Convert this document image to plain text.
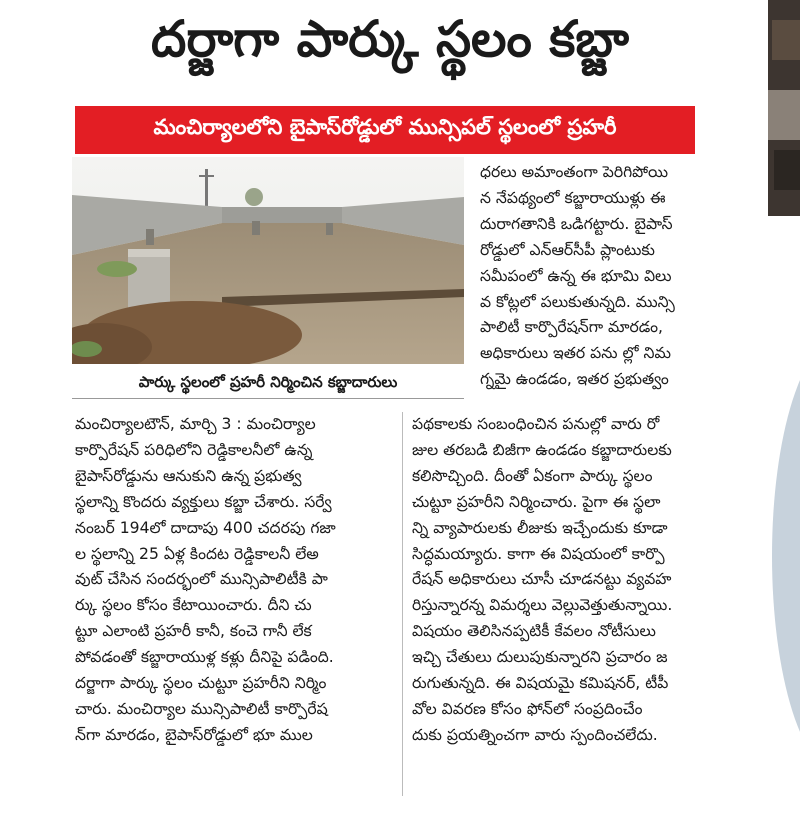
దర్జాగా పార్కు స్థలం కబ్జా
మంచిర్యాలలోని బైపాస్‌రోడ్డులో మున్సిపల్ స్థలంలో ప్రహరీ
పార్కు స్థలంలో ప్రహరీ నిర్మించిన కబ్జాదారులు

ధరలు అమాంతంగా పెరిగిపోయి

న నేపథ్యంలో కబ్జారాయుళ్లు ఈ

దురాగతానికి ఒడిగట్టారు. బైపాస్

రోడ్డులో ఎన్ఆర్‌సీపీ ప్లాంటుకు

సమీపంలో ఉన్న ఈ భూమి విలు

వ కోట్లలో పలుకుతున్నది. మున్సి

పాలిటీ కార్పొరేషన్‌గా మారడం,

అధికారులు ఇతర పను ల్లో నిమ

గ్నమై ఉండడం, ఇతర ప్రభుత్వం

మంచిర్యాలటౌన్, మార్చి 3 : మంచిర్యాల

కార్పొరేషన్ పరిధిలోని రెడ్డికాలనీలో ఉన్న

బైపాస్‌రోడ్డును ఆనుకుని ఉన్న ప్రభుత్వ

స్థలాన్ని కొందరు వ్యక్తులు కబ్జా చేశారు. సర్వే

నంబర్ 194లో దాదాపు 400 చదరపు గజా

ల స్థలాన్ని 25 ఏళ్ల కిందట రెడ్డికాలనీ లేఅ

వుట్ చేసిన సందర్భంలో మున్సిపాలిటీకి పా

ర్కు స్థలం కోసం కేటాయించారు. దీని చు

ట్టూ ఎలాంటి ప్రహరీ కానీ, కంచె గానీ లేక

పోవడంతో కబ్జారాయుళ్ల కళ్లు దీనిపై పడింది.

దర్జాగా పార్కు స్థలం చుట్టూ ప్రహరీని నిర్మిం

చారు. మంచిర్యాల మున్సిపాలిటీ కార్పొరేష

న్‌గా మారడం, బైపాస్‌రోడ్డులో భూ ముల

పథకాలకు సంబంధించిన పనుల్లో వారు రో

జుల తరబడి బిజీగా ఉండడం కబ్జాదారులకు

కలిసొచ్చింది. దీంతో ఏకంగా పార్కు స్థలం

చుట్టూ ప్రహరీని నిర్మించారు. పైగా ఈ స్థలా

న్ని వ్యాపారులకు లీజుకు ఇచ్చేందుకు కూడా

సిద్ధమయ్యారు. కాగా ఈ విషయంలో కార్పొ

రేషన్ అధికారులు చూసీ చూడనట్టు వ్యవహ

రిస్తున్నారన్న విమర్శలు వెల్లువెత్తుతున్నాయి.

విషయం తెలిసినప్పటికీ కేవలం నోటీసులు

ఇచ్చి చేతులు దులుపుకున్నారని ప్రచారం జ

రుగుతున్నది. ఈ విషయమై కమిషనర్, టీపీ

వోల వివరణ కోసం ఫోన్‌లో సంప్రదించేం

దుకు ప్రయత్నించగా వారు స్పందించలేదు.
